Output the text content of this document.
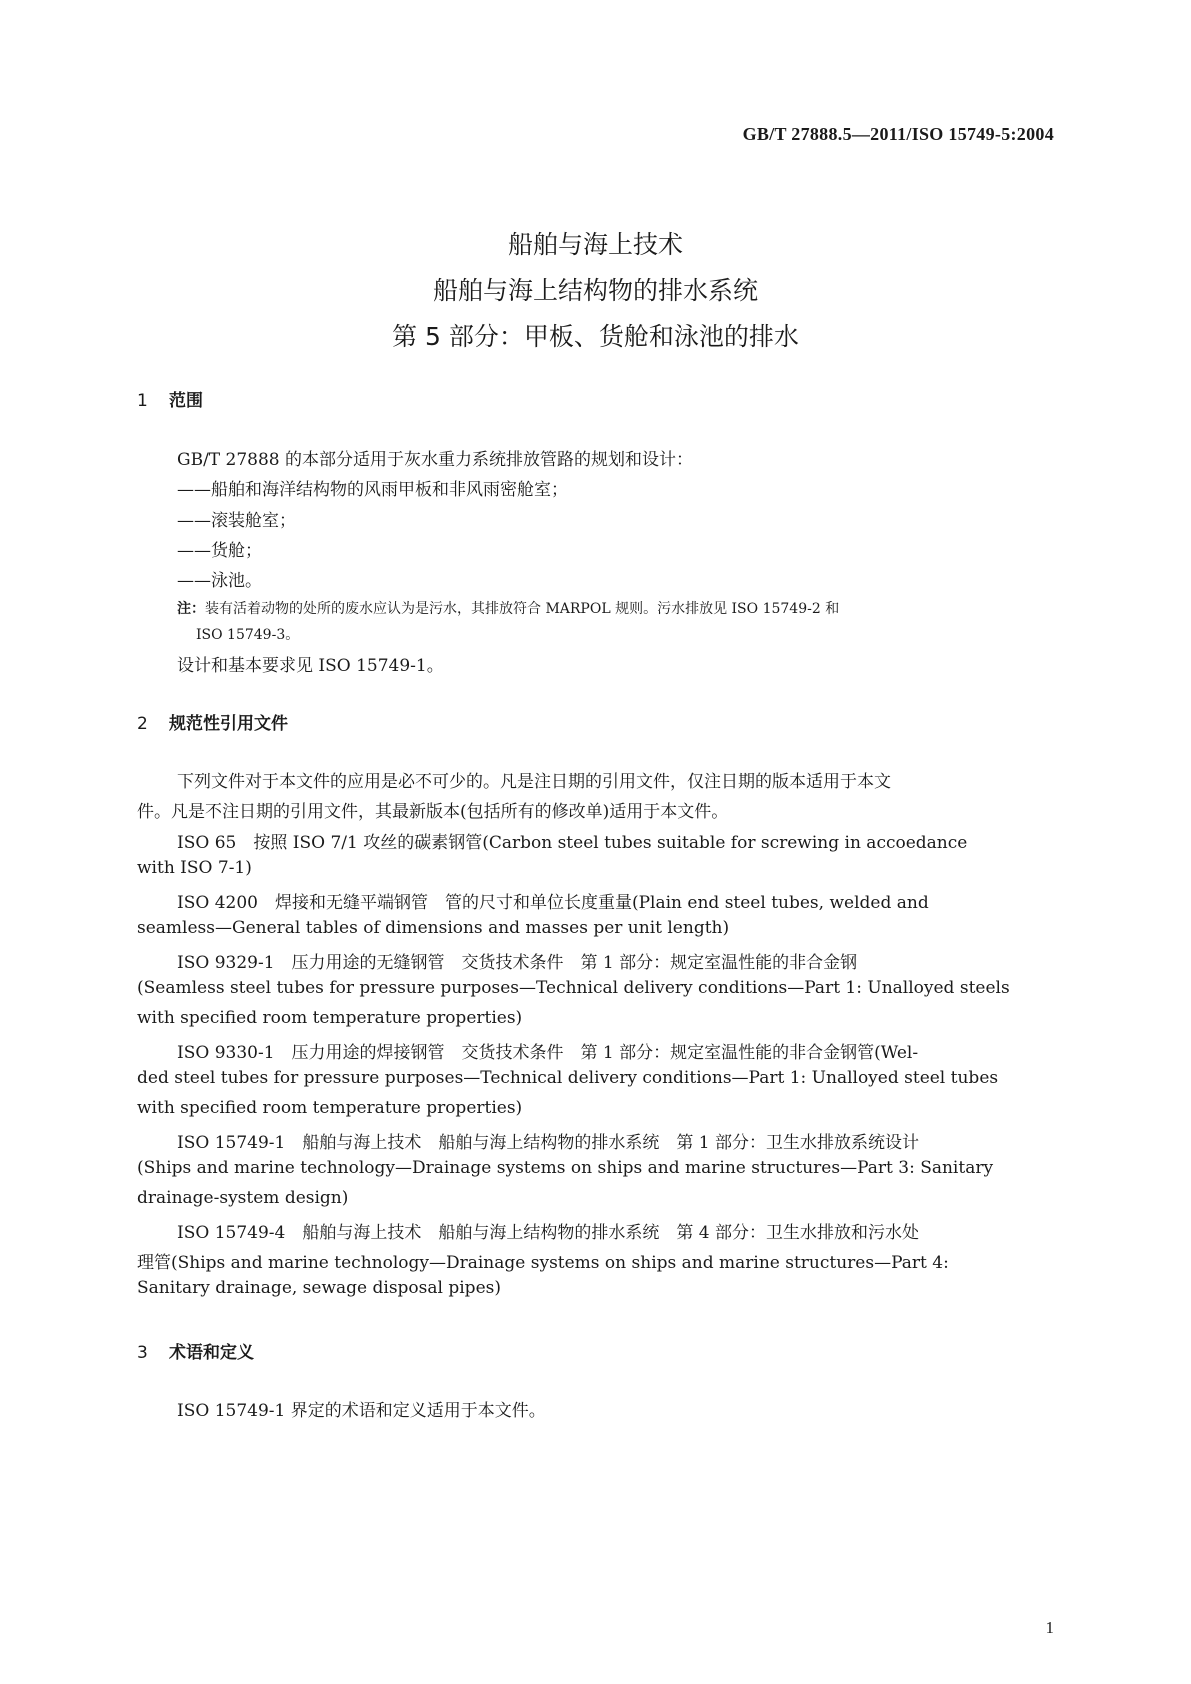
GB/T 27888.5—2011/ISO 15749-5:2004
船舶与海上技术
船舶与海上结构物的排水系统
第 5 部分：甲板、货舱和泳池的排水
1 范围
GB/T 27888 的本部分适用于灰水重力系统排放管路的规划和设计：
——船舶和海洋结构物的风雨甲板和非风雨密舱室；
——滚装舱室；
——货舱；
——泳池。
注：装有活着动物的处所的废水应认为是污水，其排放符合 MARPOL 规则。污水排放见 ISO 15749-2 和
ISO 15749-3。
设计和基本要求见 ISO 15749-1。
2 规范性引用文件
下列文件对于本文件的应用是必不可少的。凡是注日期的引用文件，仅注日期的版本适用于本文
件。凡是不注日期的引用文件，其最新版本(包括所有的修改单)适用于本文件。
ISO 65　按照 ISO 7/1 攻丝的碳素钢管(Carbon steel tubes suitable for screwing in accoedance
with ISO 7-1)
ISO 4200　焊接和无缝平端钢管　管的尺寸和单位长度重量(Plain end steel tubes, welded and
seamless—General tables of dimensions and masses per unit length)
ISO 9329-1　压力用途的无缝钢管　交货技术条件　第 1 部分：规定室温性能的非合金钢
(Seamless steel tubes for pressure purposes—Technical delivery conditions—Part 1: Unalloyed steels
with specified room temperature properties)
ISO 9330-1　压力用途的焊接钢管　交货技术条件　第 1 部分：规定室温性能的非合金钢管(Wel-
ded steel tubes for pressure purposes—Technical delivery conditions—Part 1: Unalloyed steel tubes
with specified room temperature properties)
ISO 15749-1　船舶与海上技术　船舶与海上结构物的排水系统　第 1 部分：卫生水排放系统设计
(Ships and marine technology—Drainage systems on ships and marine structures—Part 3: Sanitary
drainage-system design)
ISO 15749-4　船舶与海上技术　船舶与海上结构物的排水系统　第 4 部分：卫生水排放和污水处
理管(Ships and marine technology—Drainage systems on ships and marine structures—Part 4:
Sanitary drainage, sewage disposal pipes)
3 术语和定义
ISO 15749-1 界定的术语和定义适用于本文件。
1
